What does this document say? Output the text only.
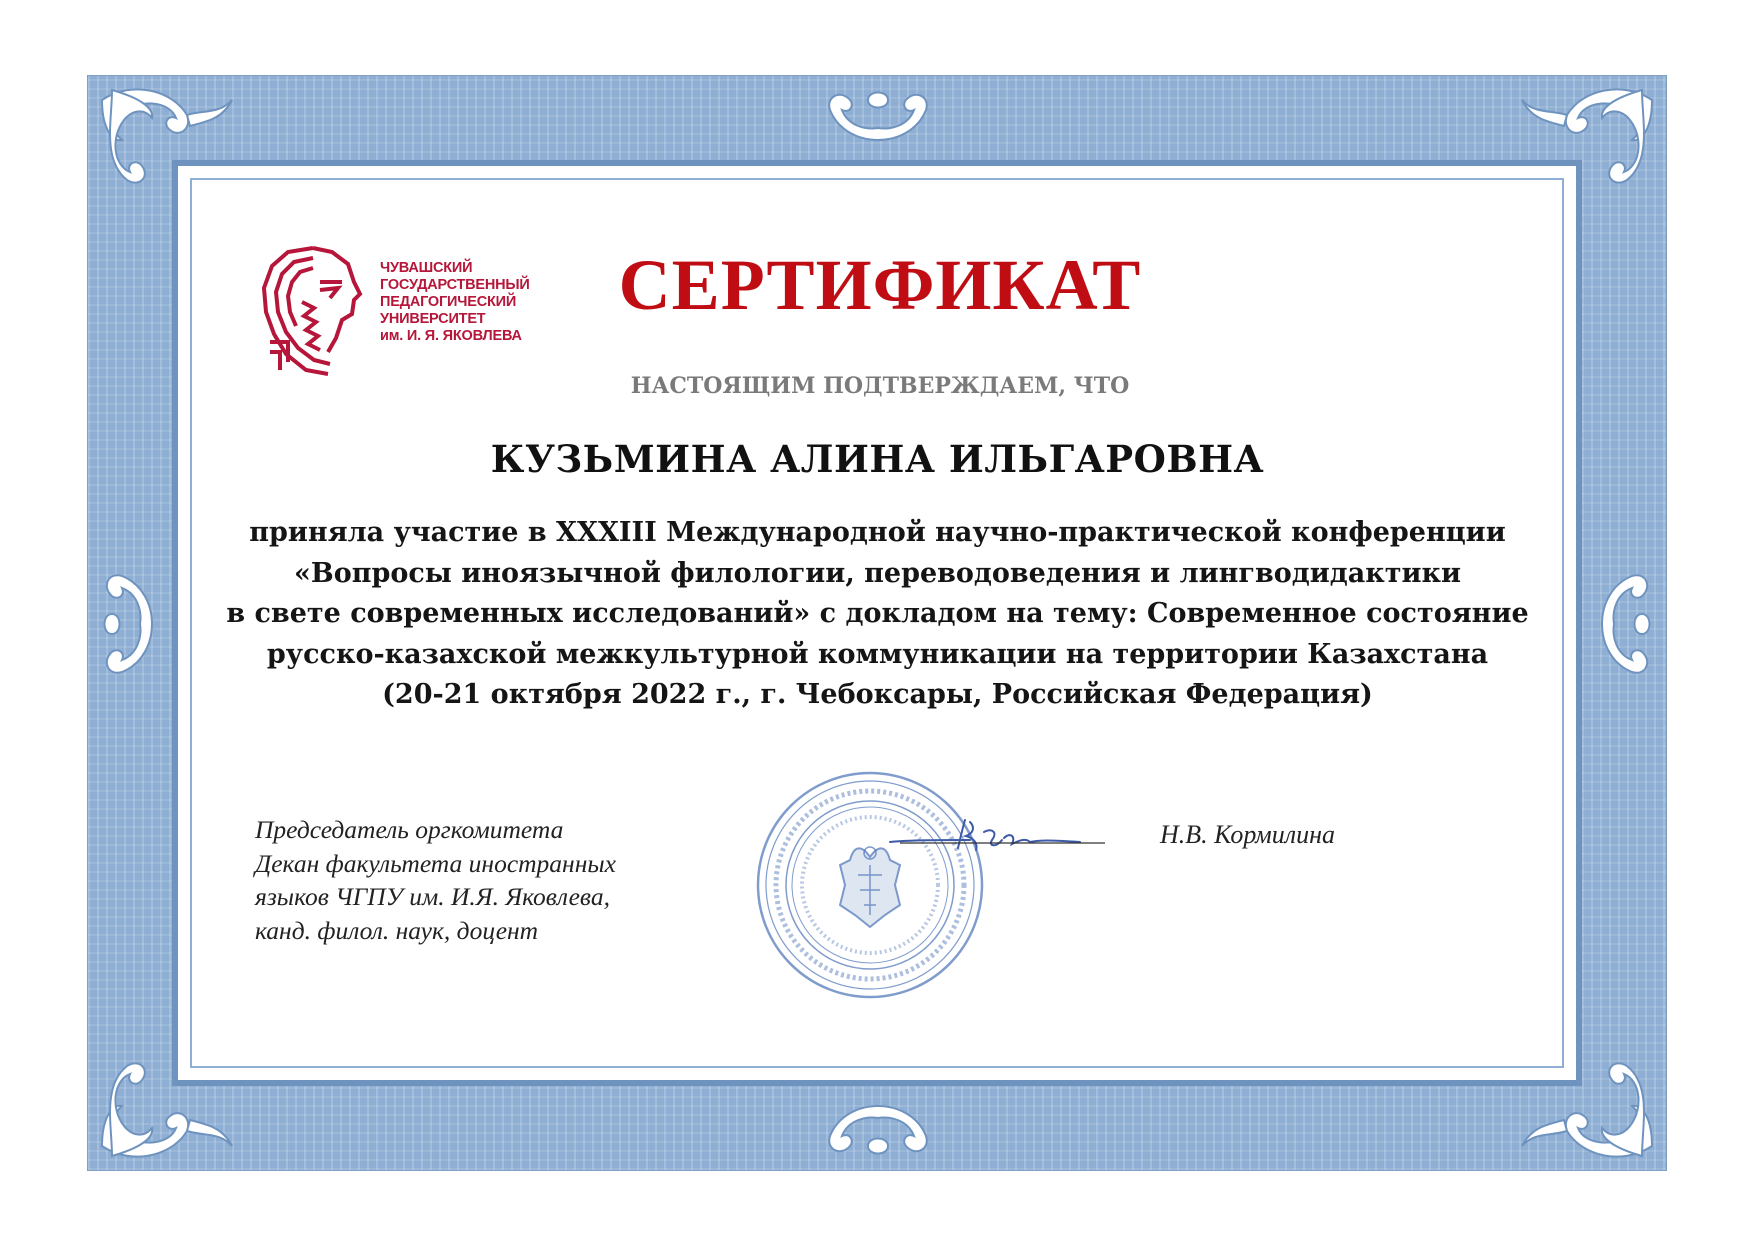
ЧУВАШСКИЙ
ГОСУДАРСТВЕННЫЙ
ПЕДАГОГИЧЕСКИЙ
УНИВЕРСИТЕТ
им. И. Я. ЯКОВЛЕВА
СЕРТИФИКАТ
НАСТОЯЩИМ ПОДТВЕРЖДАЕМ, ЧТО
КУЗЬМИНА АЛИНА ИЛЬГАРОВНА
приняла участие в XXXIII Международной научно-практической конференции
«Вопросы иноязычной филологии, переводоведения и лингводидактики
в свете современных исследований» с докладом на тему: Современное состояние
русско-казахской межкультурной коммуникации на территории Казахстана
(20-21 октября 2022 г., г. Чебоксары, Российская Федерация)
Председатель оргкомитета
Декан факультета иностранных
языков ЧГПУ им. И.Я. Яковлева,
канд. филол. наук, доцент
Н.В. Кормилина
